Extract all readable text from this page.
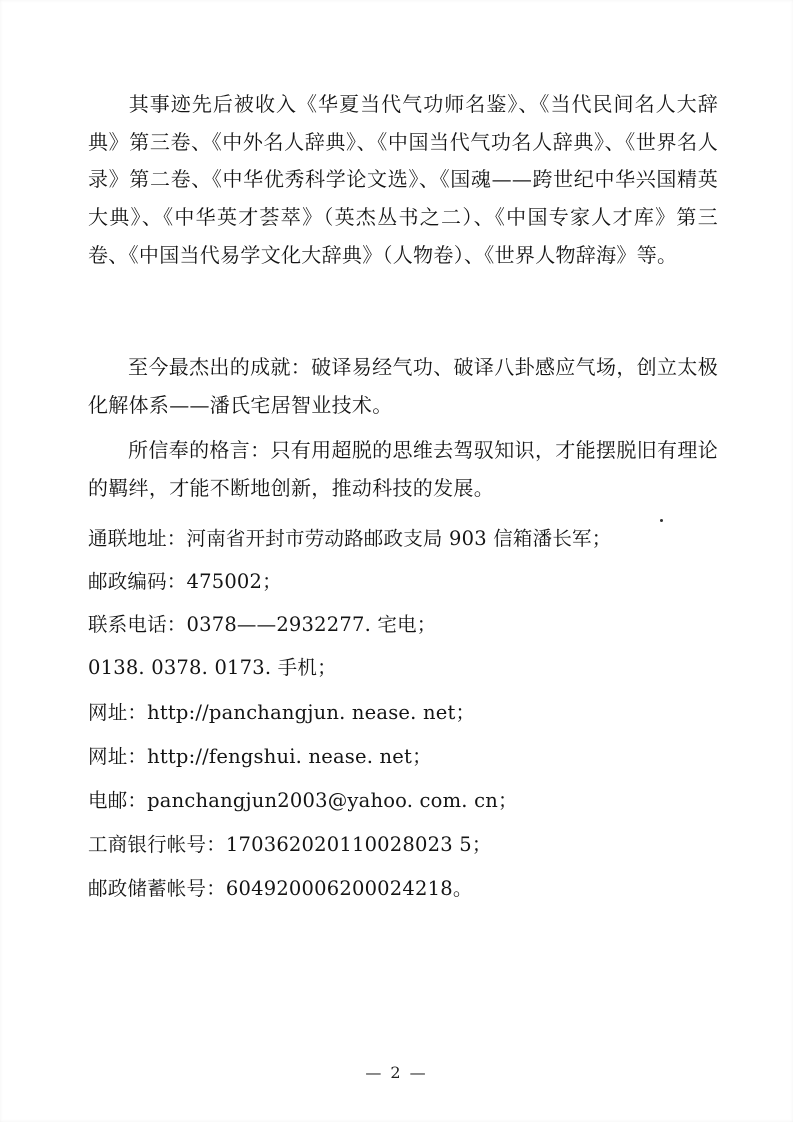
其事迹先后被收入《华夏当代气功师名鉴》、《当代民间名人大辞典》第三卷、《中外名人辞典》、《中国当代气功名人辞典》、《世界名人录》第二卷、《中华优秀科学论文选》、《国魂——跨世纪中华兴国精英大典》、《中华英才荟萃》（英杰丛书之二）、《中国专家人才库》第三卷、《中国当代易学文化大辞典》（人物卷）、《世界人物辞海》等。

至今最杰出的成就：破译易经气功、破译八卦感应气场，创立太极化解体系——潘氏宅居智业技术。

所信奉的格言：只有用超脱的思维去驾驭知识，才能摆脱旧有理论的羁绊，才能不断地创新，推动科技的发展。

通联地址：河南省开封市劳动路邮政支局 903 信箱潘长军；
邮政编码：475002；
联系电话：0378——2932277. 宅电；
0138. 0378. 0173. 手机；
网址：http://panchangjun. nease. net；
网址：http://fengshui. nease. net；
电邮：panchangjun2003@yahoo. com. cn；
工商银行帐号：170362020110028023 5；
邮政储蓄帐号：604920006200024218。
— 2 —
